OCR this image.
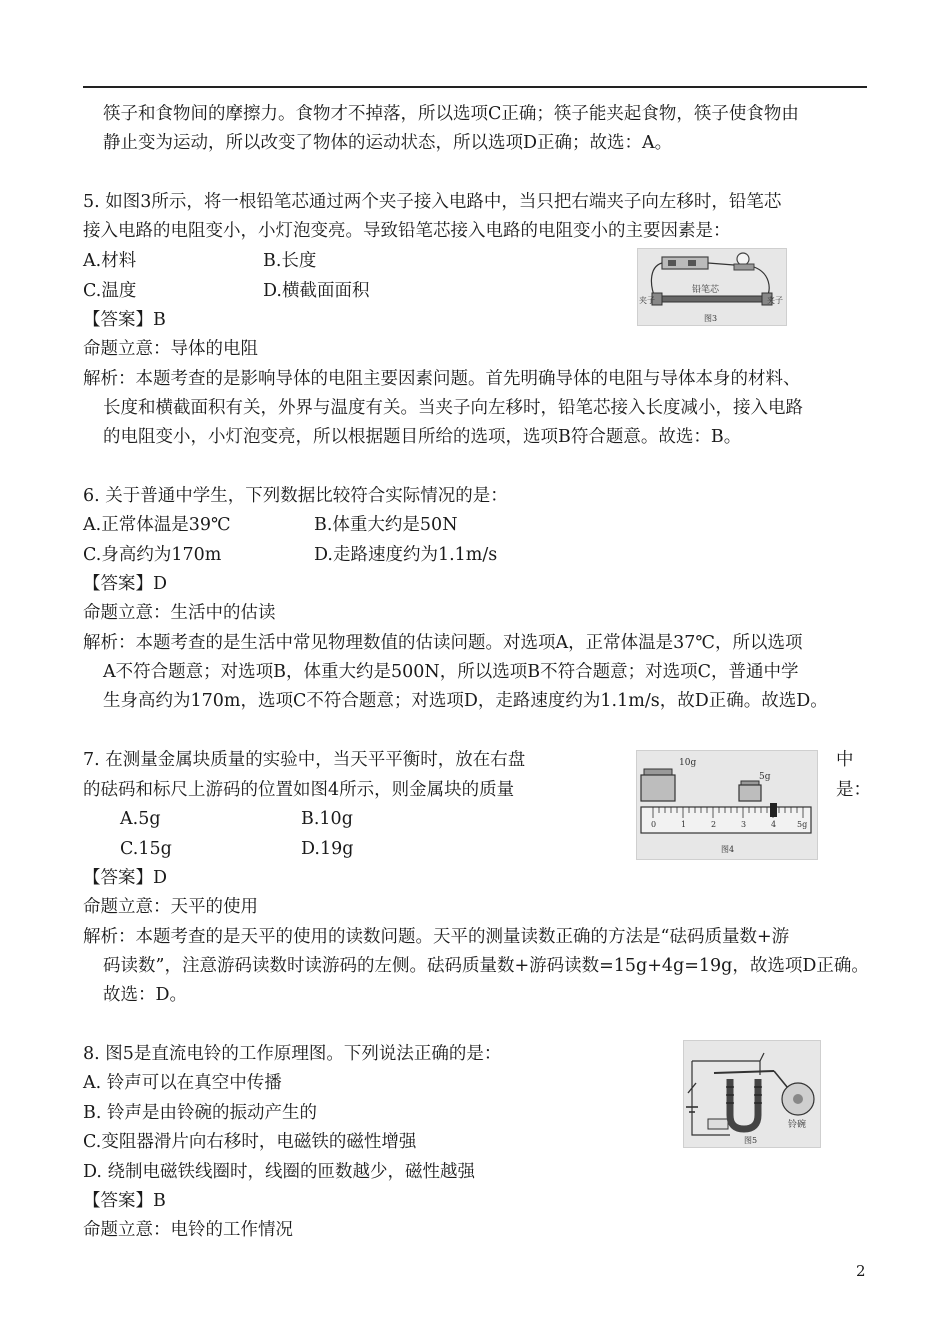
筷子和食物间的摩擦力。食物才不掉落，所以选项C正确；筷子能夹起食物，筷子使食物由
静止变为运动，所以改变了物体的运动状态，所以选项D正确；故选：A。
5. 如图3所示，将一根铅笔芯通过两个夹子接入电路中，当只把右端夹子向左移时，铅笔芯
接入电路的电阻变小，小灯泡变亮。导致铅笔芯接入电路的电阻变小的主要因素是：
A.材料	B.长度
C.温度	D.横截面面积
【答案】B
命题立意：导体的电阻
解析：本题考查的是影响导体的电阻主要因素问题。首先明确导体的电阻与导体本身的材料、
长度和横截面积有关，外界与温度有关。当夹子向左移时，铅笔芯接入长度减小，接入电路
的电阻变小，小灯泡变亮，所以根据题目所给的选项，选项B符合题意。故选：B。
铅笔芯
夹子	夹子
图3
6. 关于普通中学生，下列数据比较符合实际情况的是：
A.正常体温是39℃	B.体重大约是50N
C.身高约为170m	D.走路速度约为1.1m/s
【答案】D
命题立意：生活中的估读
解析：本题考查的是生活中常见物理数值的估读问题。对选项A，正常体温是37℃，所以选项
A不符合题意；对选项B，体重大约是500N，所以选项B不符合题意；对选项C，普通中学
生身高约为170m，选项C不符合题意；对选项D，走路速度约为1.1m/s，故D正确。故选D。
7. 在测量金属块质量的实验中，当天平平衡时，放在右盘	中
的砝码和标尺上游码的位置如图4所示，则金属块的质量	是：
A.5g	B.10g
C.15g	D.19g
【答案】D
命题立意：天平的使用
解析：本题考查的是天平的使用的读数问题。天平的测量读数正确的方法是“砝码质量数+游
码读数”，注意游码读数时读游码的左侧。砝码质量数+游码读数=15g+4g=19g，故选项D正确。
故选：D。
10g
5g
0	1	2	3	4	5g
图4
8. 图5是直流电铃的工作原理图。下列说法正确的是：
A. 铃声可以在真空中传播
B. 铃声是由铃碗的振动产生的
C.变阻器滑片向右移时，电磁铁的磁性增强
D. 绕制电磁铁线圈时，线圈的匝数越少，磁性越强
【答案】B
命题立意：电铃的工作情况
铃碗
图5
2
